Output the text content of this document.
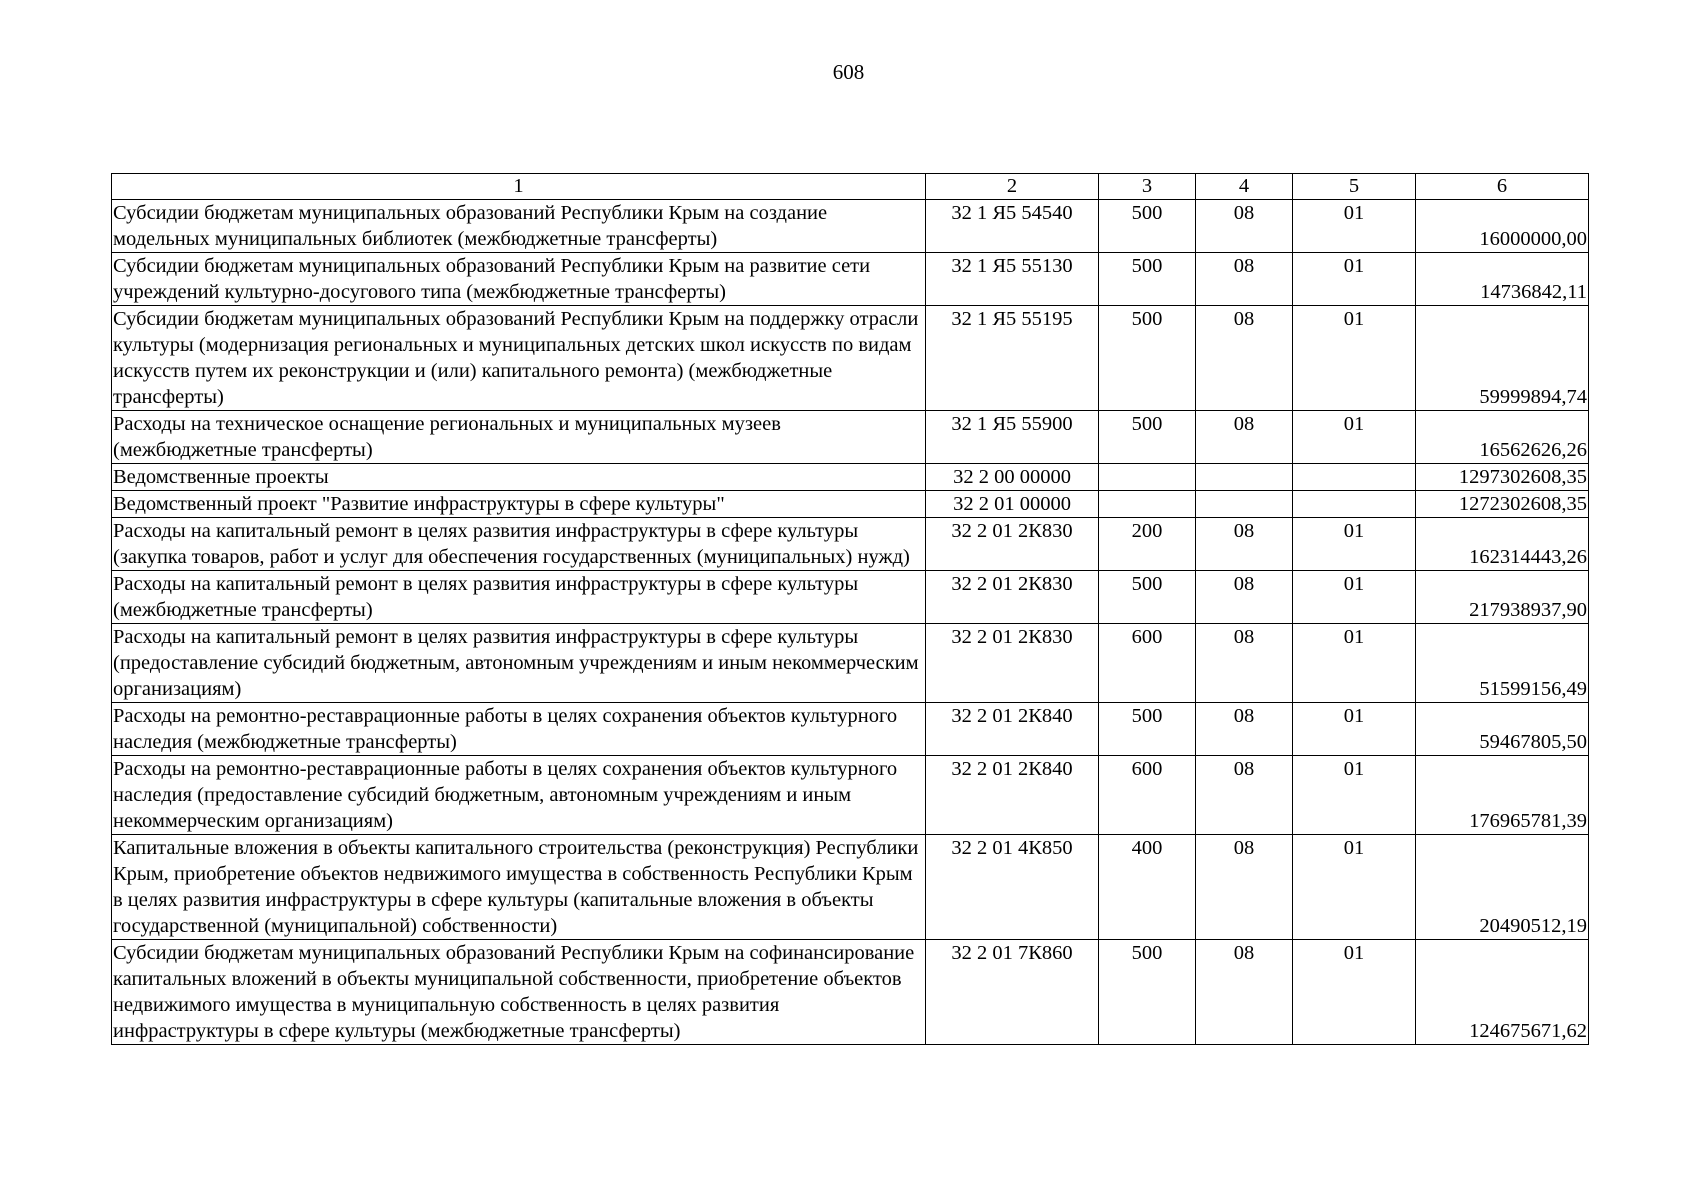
608
1	2	3	4	5	6
Субсидии бюджетам муниципальных образований Республики Крым на создание модельных муниципальных библиотек (межбюджетные трансферты)	32 1 Я5 54540	500	08	01	16000000,00
Субсидии бюджетам муниципальных образований Республики Крым на развитие сети учреждений культурно-досугового типа (межбюджетные трансферты)	32 1 Я5 55130	500	08	01	14736842,11
Субсидии бюджетам муниципальных образований Республики Крым на поддержку отрасли культуры (модернизация региональных и муниципальных детских школ искусств по видам искусств путем их реконструкции и (или) капитального ремонта) (межбюджетные трансферты)	32 1 Я5 55195	500	08	01	59999894,74
Расходы на техническое оснащение региональных и муниципальных музеев (межбюджетные трансферты)	32 1 Я5 55900	500	08	01	16562626,26
Ведомственные проекты	32 2 00 00000				1297302608,35
Ведомственный проект "Развитие инфраструктуры в сфере культуры"	32 2 01 00000				1272302608,35
Расходы на капитальный ремонт в целях развития инфраструктуры в сфере культуры (закупка товаров, работ и услуг для обеспечения государственных (муниципальных) нужд)	32 2 01 2К830	200	08	01	162314443,26
Расходы на капитальный ремонт в целях развития инфраструктуры в сфере культуры (межбюджетные трансферты)	32 2 01 2К830	500	08	01	217938937,90
Расходы на капитальный ремонт в целях развития инфраструктуры в сфере культуры (предоставление субсидий бюджетным, автономным учреждениям и иным некоммерческим организациям)	32 2 01 2К830	600	08	01	51599156,49
Расходы на ремонтно-реставрационные работы в целях сохранения объектов культурного наследия (межбюджетные трансферты)	32 2 01 2К840	500	08	01	59467805,50
Расходы на ремонтно-реставрационные работы в целях сохранения объектов культурного наследия (предоставление субсидий бюджетным, автономным учреждениям и иным некоммерческим организациям)	32 2 01 2К840	600	08	01	176965781,39
Капитальные вложения в объекты капитального строительства (реконструкция) Республики Крым, приобретение объектов недвижимого имущества в собственность Республики Крым в целях развития инфраструктуры в сфере культуры (капитальные вложения в объекты государственной (муниципальной) собственности)	32 2 01 4К850	400	08	01	20490512,19
Субсидии бюджетам муниципальных образований Республики Крым на софинансирование капитальных вложений в объекты муниципальной собственности, приобретение объектов недвижимого имущества в муниципальную собственность в целях развития инфраструктуры в сфере культуры (межбюджетные трансферты)	32 2 01 7К860	500	08	01	124675671,62
